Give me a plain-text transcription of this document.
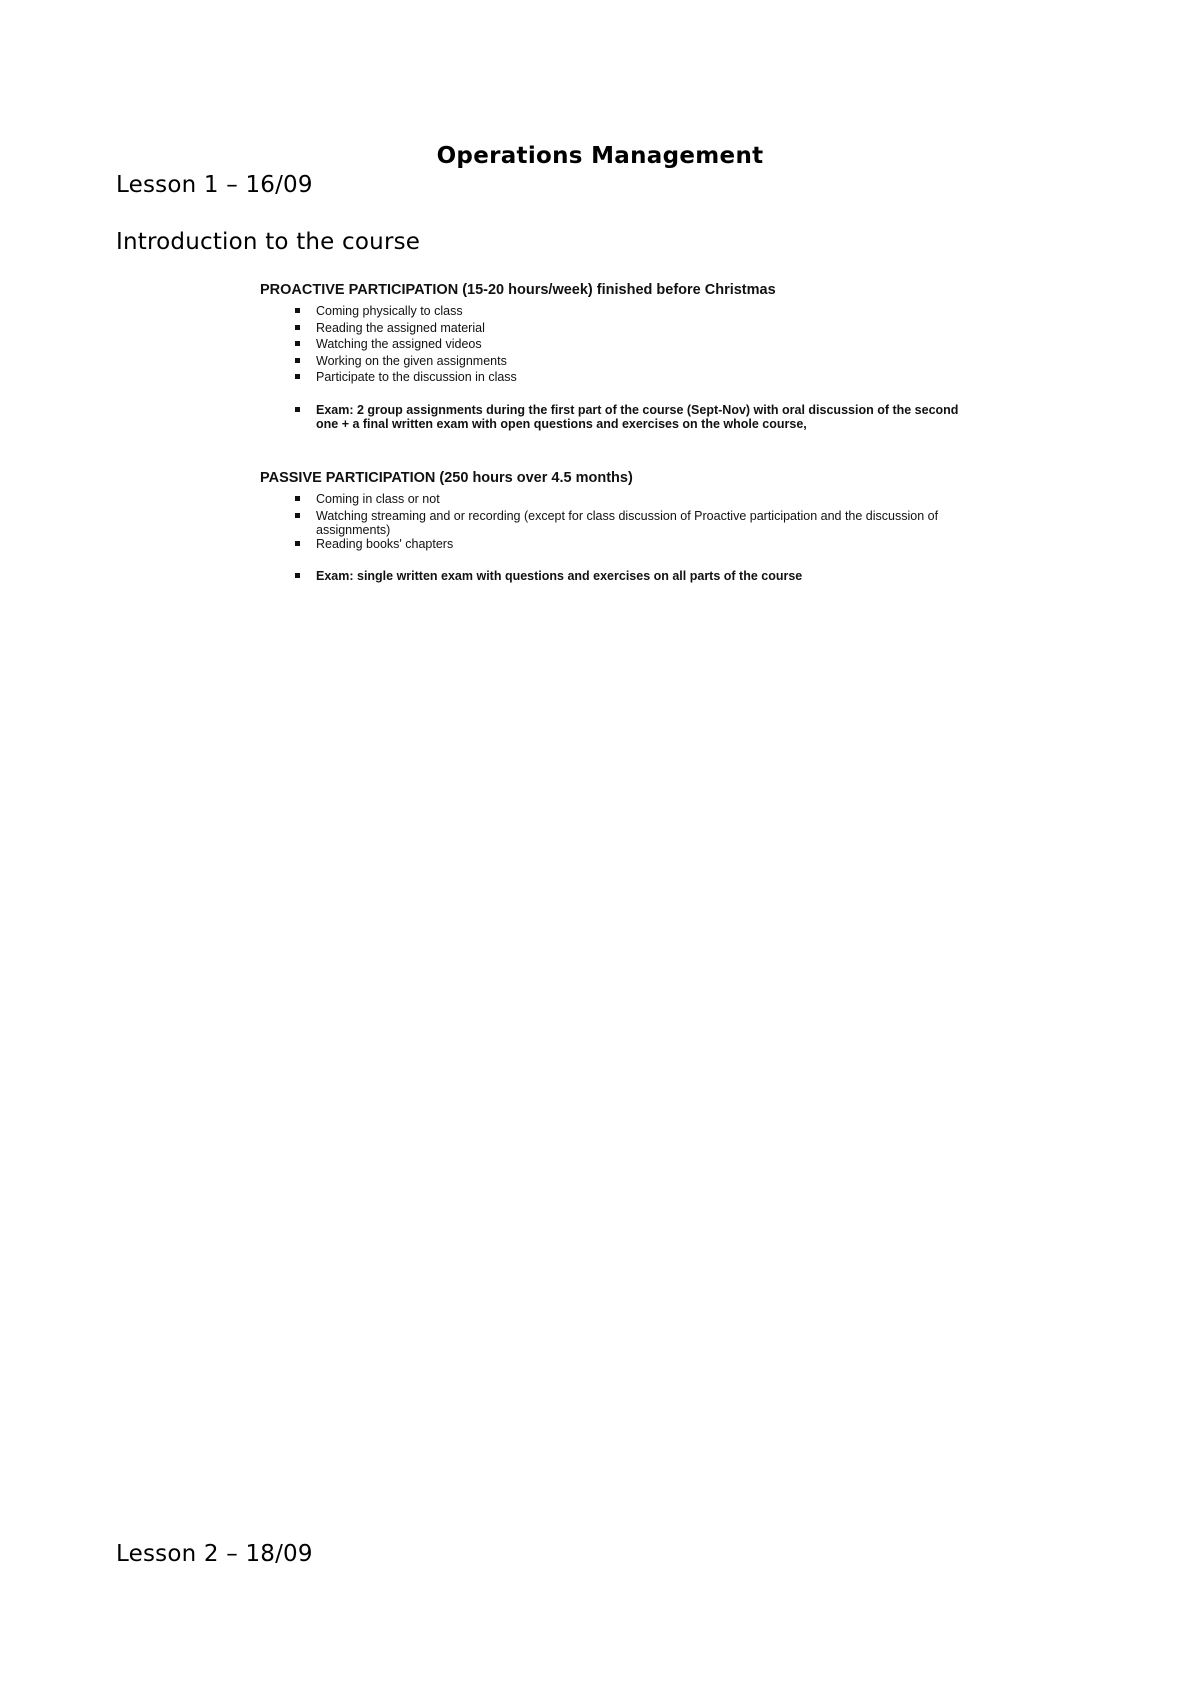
Operations Management
Lesson 1 – 16/09
Introduction to the course
PROACTIVE PARTICIPATION (15-20 hours/week) finished before Christmas
Coming physically to class
Reading the assigned material
Watching the assigned videos
Working on the given assignments
Participate to the discussion in class
Exam: 2 group assignments during the first part of the course (Sept-Nov) with oral discussion of the second one + a final written exam with open questions and exercises on the whole course,
PASSIVE PARTICIPATION (250 hours over 4.5 months)
Coming in class or not
Watching streaming and or recording (except for class discussion of Proactive participation and the discussion of assignments)
Reading books' chapters
Exam: single written exam with questions and exercises on all parts of the course
Lesson 2 – 18/09
